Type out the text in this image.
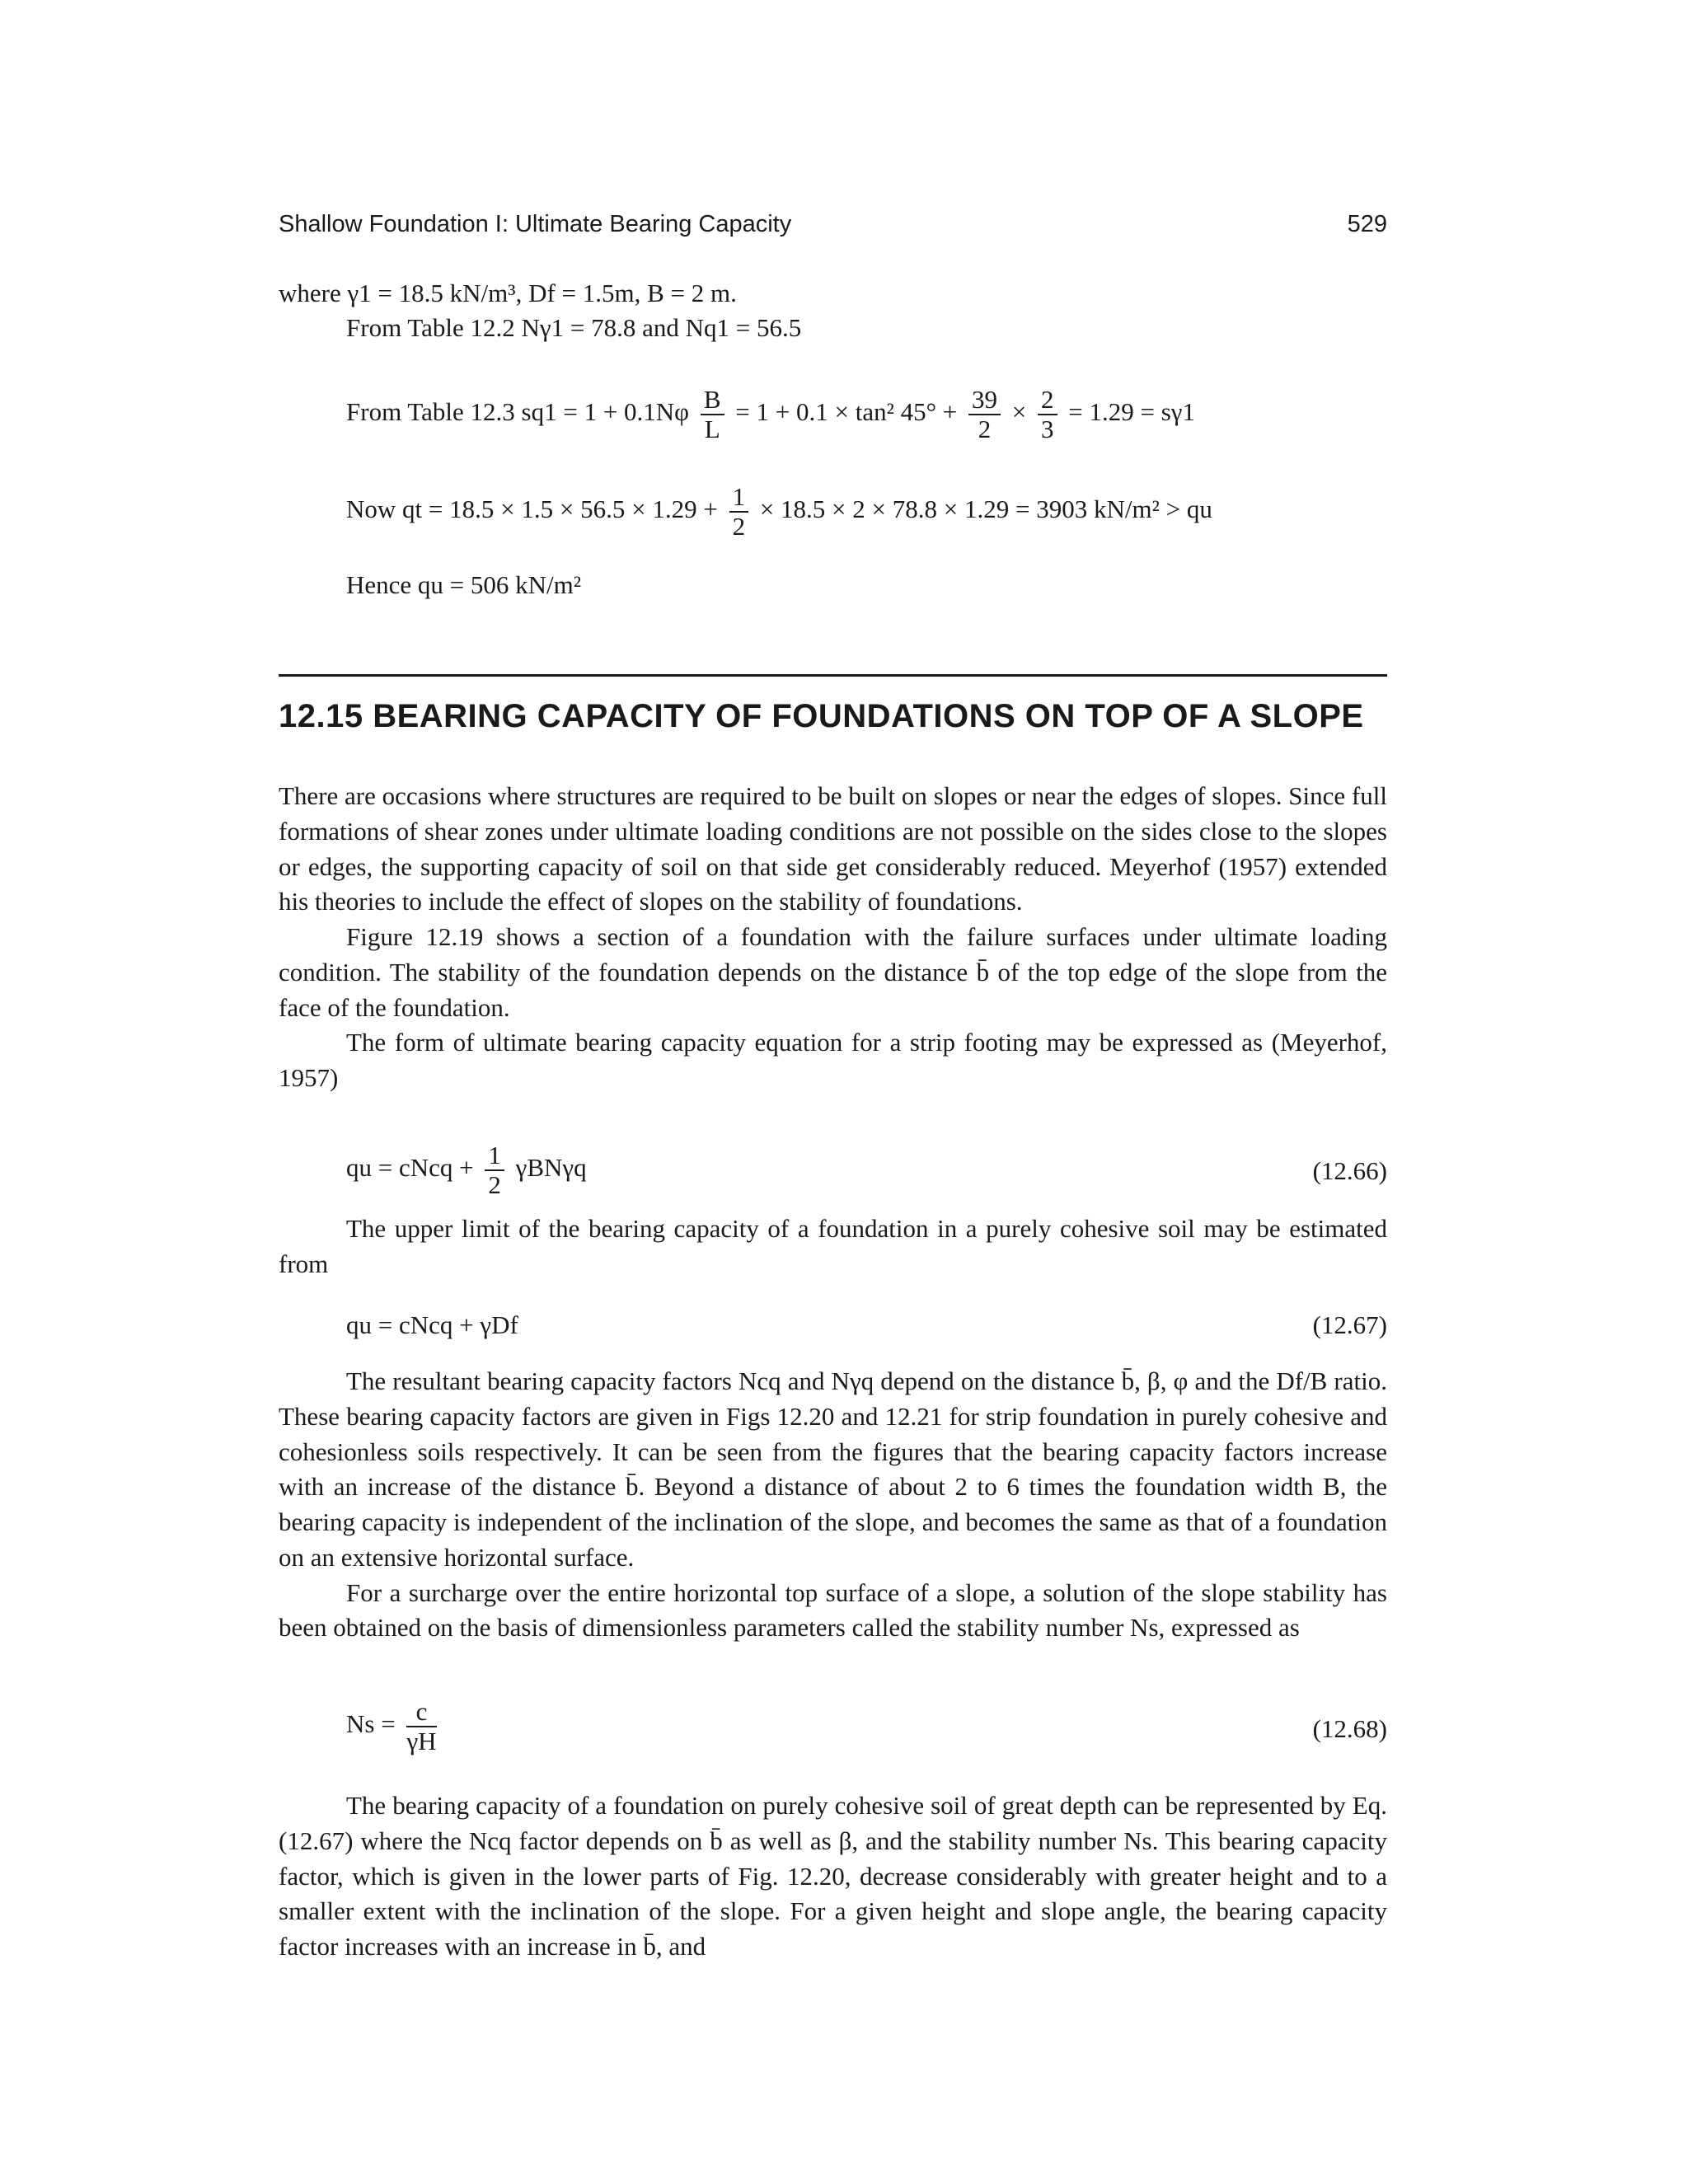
Shallow Foundation I: Ultimate Bearing Capacity	529

where γ1 = 18.5 kN/m³, Df = 1.5m, B = 2 m.

From Table 12.2 Nγ1 = 78.8 and Nq1 = 56.5

From Table 12.3 $sq1 = 1 + 0.1N\varphi \frac{B}{L} = 1 + 0.1 \times \tan^2$ $45^\circ + \frac{39}{2} \times \frac{2}{3} = 1.29 = s\gamma 1$
Now qt = $18.5 \times 1.5 \times 56.5 \times 1.29 + \frac{1}{2} \times 18.5 \times 2 \times 78.8 \times 1.29 = 3903$ kN/m² > qu
Hence qu = 506 kN/m²
12.15 BEARING CAPACITY OF FOUNDATIONS ON TOP OF A SLOPE

There are occasions where structures are required to be built on slopes or near the edges of slopes. Since full formations of shear zones under ultimate loading conditions are not possible on the sides close to the slopes or edges, the supporting capacity of soil on that side get considerably reduced. Meyerhof (1957) extended his theories to include the effect of slopes on the stability of foundations.

Figure 12.19 shows a section of a foundation with the failure surfaces under ultimate loading condition. The stability of the foundation depends on the distance b̄ of the top edge of the slope from the face of the foundation.

The form of ultimate bearing capacity equation for a strip footing may be expressed as (Meyerhof, 1957)

qu = cNcq + $\frac{1}{2}$ γBNγq	(12.66)

The upper limit of the bearing capacity of a foundation in a purely cohesive soil may be estimated from

qu = cNcq + γDf	(12.67)

The resultant bearing capacity factors Ncq and Nγq depend on the distance b̄, β, φ and the Df/B ratio. These bearing capacity factors are given in Figs 12.20 and 12.21 for strip foundation in purely cohesive and cohesionless soils respectively. It can be seen from the figures that the bearing capacity factors increase with an increase of the distance b̄. Beyond a distance of about 2 to 6 times the foundation width B, the bearing capacity is independent of the inclination of the slope, and becomes the same as that of a foundation on an extensive horizontal surface.

For a surcharge over the entire horizontal top surface of a slope, a solution of the slope stability has been obtained on the basis of dimensionless parameters called the stability number Ns, expressed as

$Ns = \frac{c}{\gamma H}$	(12.68)

The bearing capacity of a foundation on purely cohesive soil of great depth can be represented by Eq. (12.67) where the Ncq factor depends on b̄ as well as β, and the stability number Ns. This bearing capacity factor, which is given in the lower parts of Fig. 12.20, decrease considerably with greater height and to a smaller extent with the inclination of the slope. For a given height and slope angle, the bearing capacity factor increases with an increase in b̄, and
